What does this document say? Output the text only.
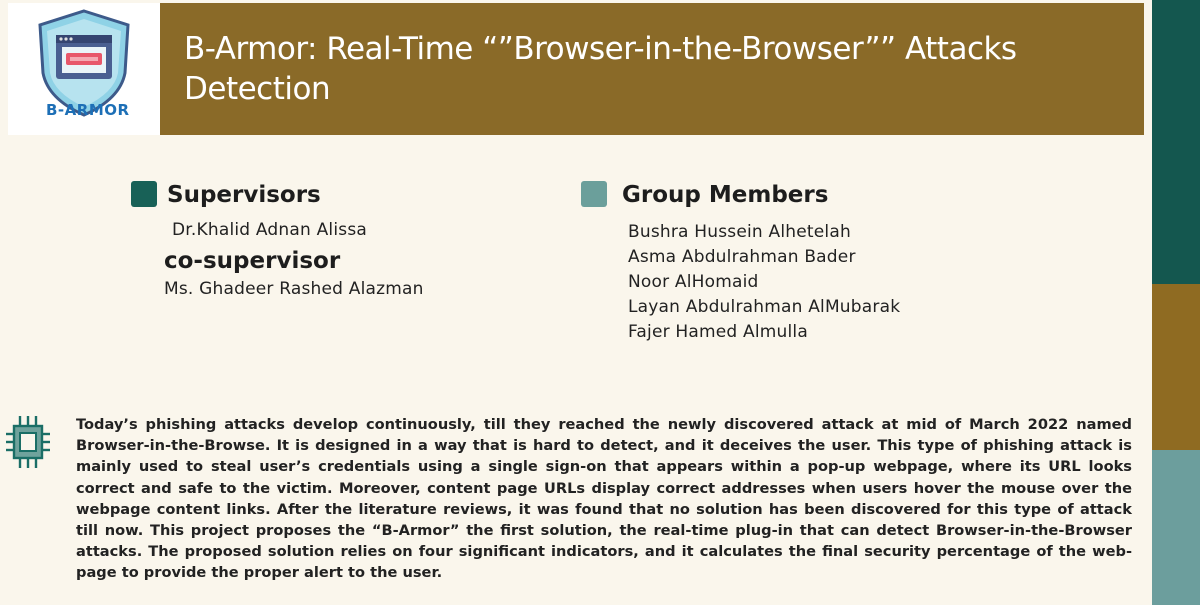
B-ARMOR
B-Armor: Real-Time “”Browser-in-the-Browser”” Attacks Detection
Supervisors
Dr.Khalid Adnan Alissa
co-supervisor
Ms. Ghadeer Rashed Alazman
Group Members
Bushra Hussein Alhetelah
Asma Abdulrahman Bader
Noor AlHomaid
Layan Abdulrahman AlMubarak
Fajer Hamed Almulla

Today’s phishing attacks develop continuously, till they reached the newly discovered attack at mid of March 2022 named Browser-in-the-Browse. It is designed in a way that is hard to detect, and it deceives the user. This type of phishing attack is mainly used to steal user’s credentials using a single sign-on that appears within a pop-up webpage, where its URL looks correct and safe to the victim. Moreover, content page URLs display correct addresses when users hover the mouse over the webpage content links. After the literature reviews, it was found that no solution has been discovered for this type of attack till now. This project proposes the “B-Armor” the first solution, the real-time plug-in that can detect Browser-in-the-Browser attacks. The proposed solution relies on four significant indicators, and it calculates the final security percentage of the web-page to provide the proper alert to the user.
